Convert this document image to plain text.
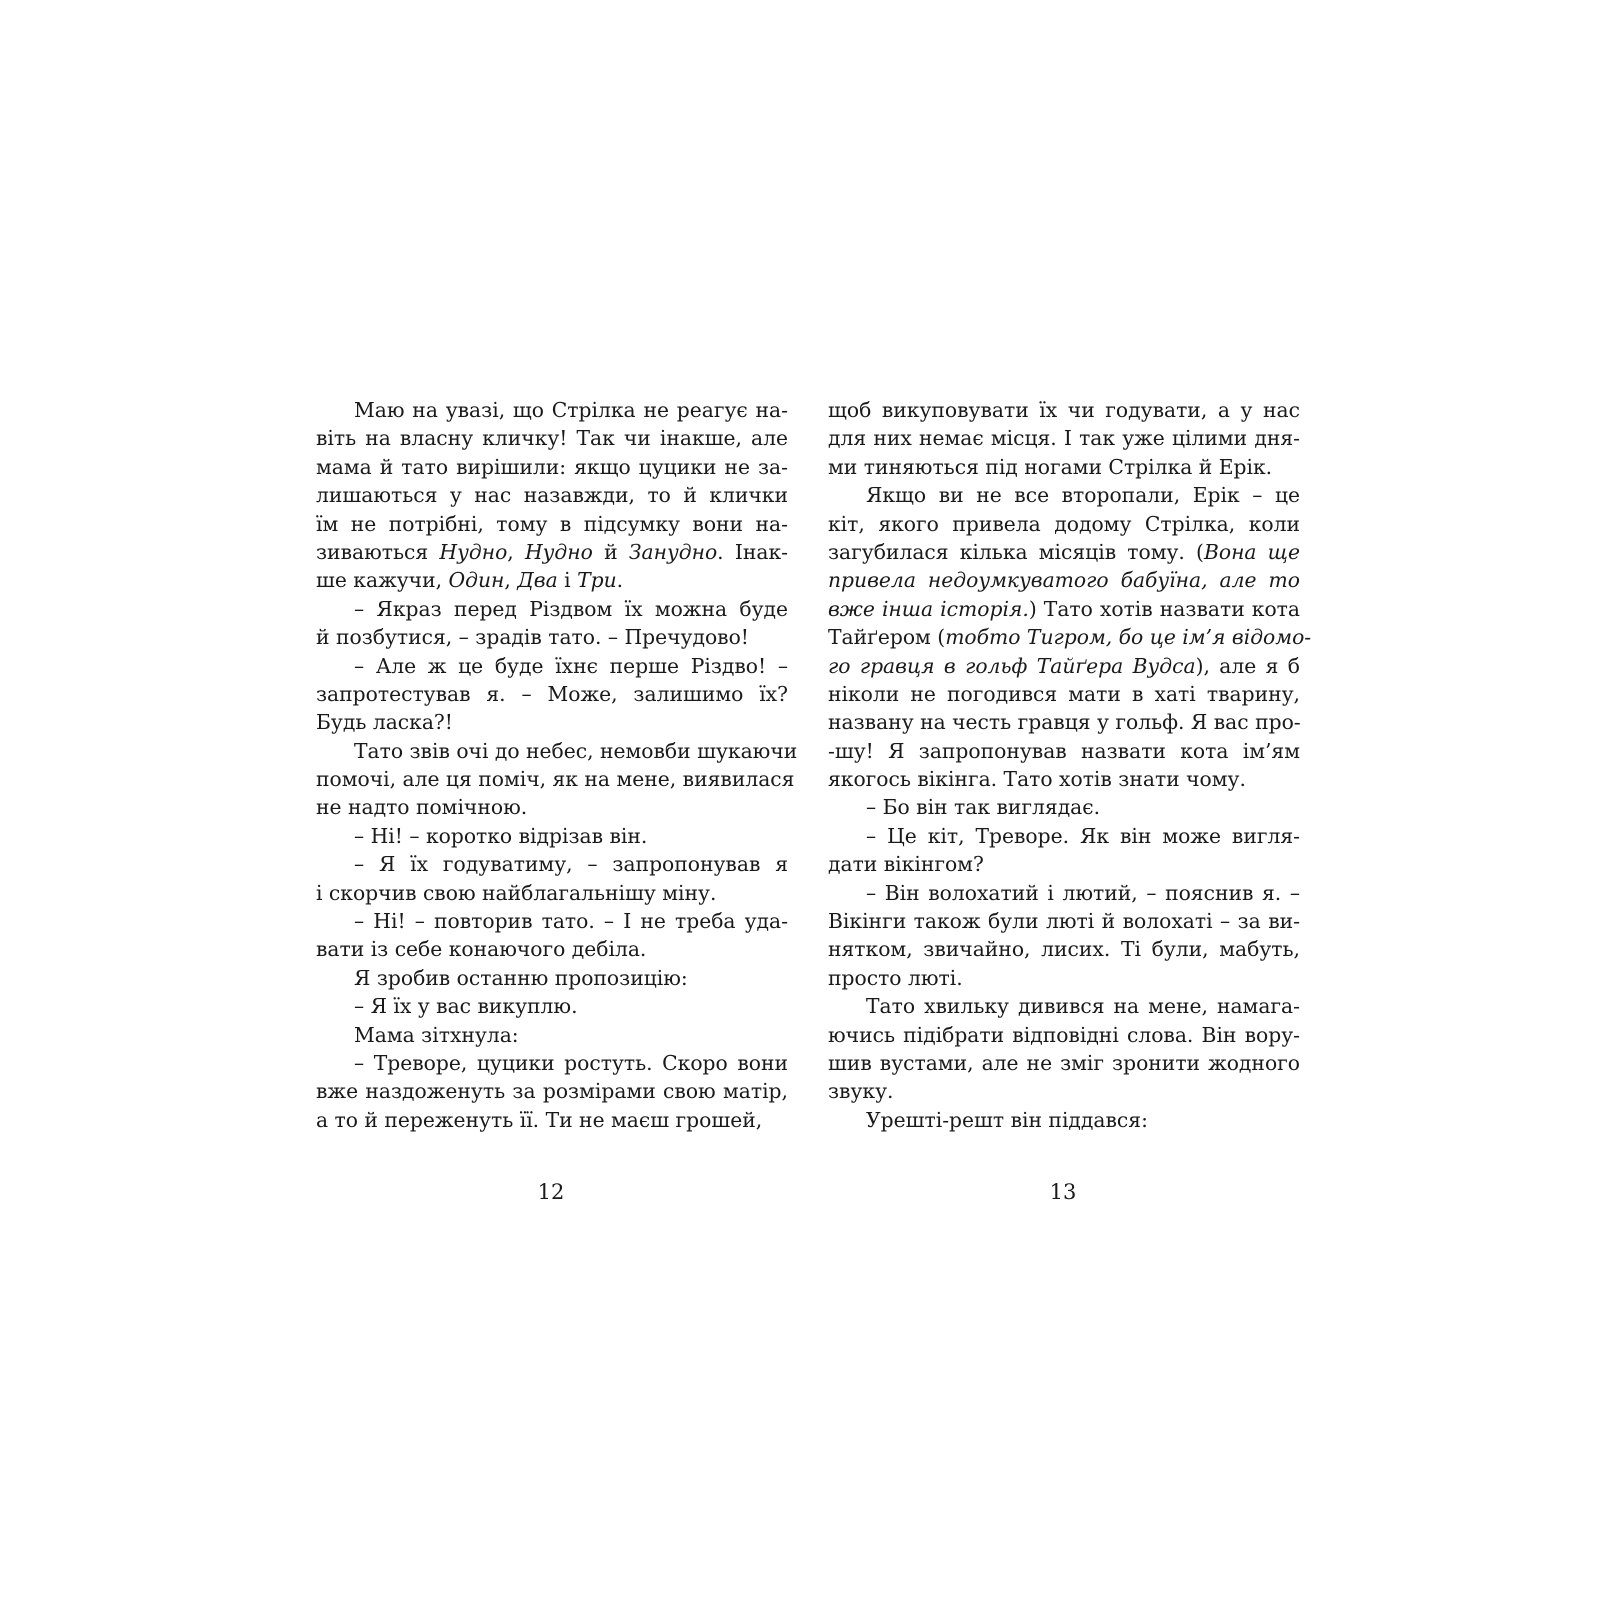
Маю на увазі, що Стрілка не реагує на-
віть на власну кличку! Так чи інакше, але
мама й тато вирішили: якщо цуцики не за-
лишаються у нас назавжди, то й клички
їм не потрібні, тому в підсумку вони на-
зиваються Нудно, Нудно й Занудно. Інак-
ше кажучи, Один, Два і Три.
– Якраз перед Різдвом їх можна буде
й позбутися, – зрадів тато. – Пречудово!
– Але ж це буде їхнє перше Різдво! –
запротестував я. – Може, залишимо їх?
Будь ласка?!
Тато звів очі до небес, немовби шукаючи
помочі, але ця поміч, як на мене, виявилася
не надто помічною.
– Ні! – коротко відрізав він.
– Я їх годуватиму, – запропонував я
і скорчив свою найблагальнішу міну.
– Ні! – повторив тато. – І не треба уда-
вати із себе конаючого дебіла.
Я зробив останню пропозицію:
– Я їх у вас викуплю.
Мама зітхнула:
– Треворе, цуцики ростуть. Скоро вони
вже наздоженуть за розмірами свою матір,
а то й переженуть її. Ти не маєш грошей,
щоб викуповувати їх чи годувати, а у нас
для них немає місця. І так уже цілими дня-
ми тиняються під ногами Стрілка й Ерік.
Якщо ви не все второпали, Ерік – це
кіт, якого привела додому Стрілка, коли
загубилася кілька місяців тому. (Вона ще
привела недоумкуватого бабуїна, але то
вже інша історія.) Тато хотів назвати кота
Тайґером (тобто Тигром, бо це ім’я відомо-
го гравця в гольф Тайґера Вудса), але я б
ніколи не погодився мати в хаті тварину,
названу на честь гравця у гольф. Я вас про-
-шу! Я запропонував назвати кота ім’ям
якогось вікінга. Тато хотів знати чому.
– Бо він так виглядає.
– Це кіт, Треворе. Як він може вигля-
дати вікінгом?
– Він волохатий і лютий, – пояснив я. –
Вікінги також були люті й волохаті – за ви-
нятком, звичайно, лисих. Ті були, мабуть,
просто люті.
Тато хвильку дивився на мене, намага-
ючись підібрати відповідні слова. Він вору-
шив вустами, але не зміг зронити жодного
звуку.
Урешті-решт він піддався:
12	13
